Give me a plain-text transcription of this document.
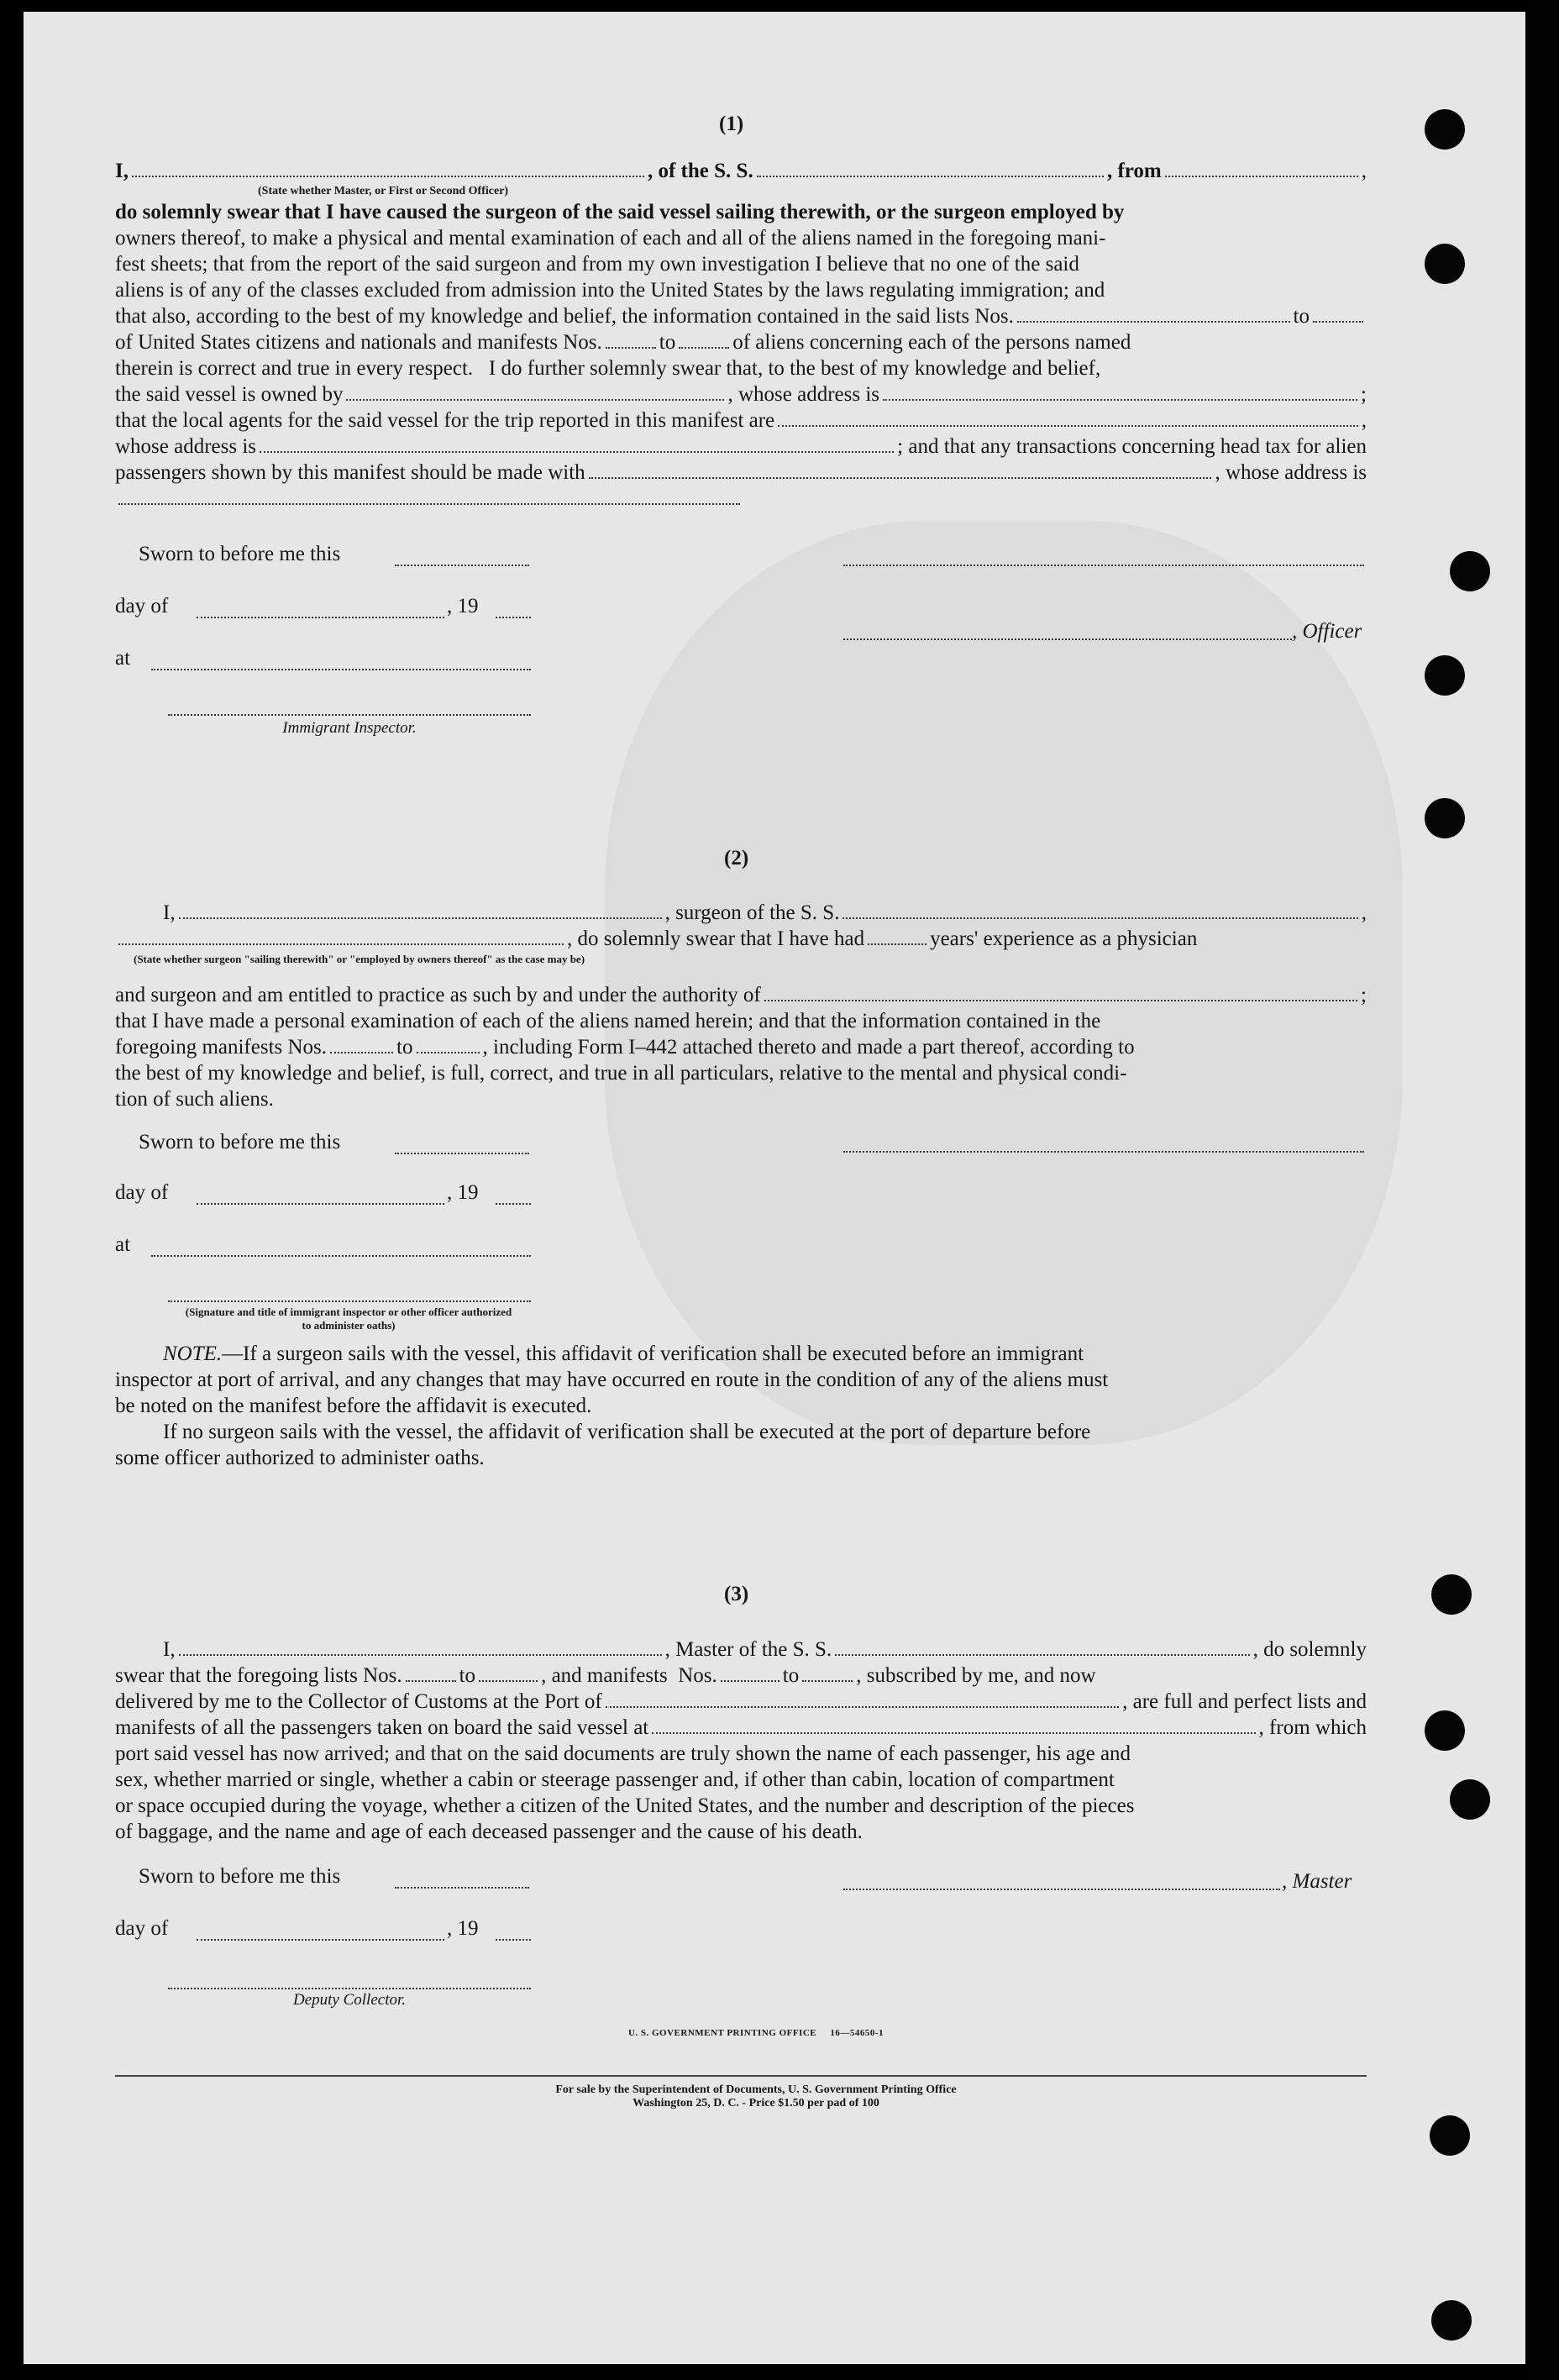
(1)
I,	, of the S. S.	, from	,
(State whether Master, or First or Second Officer)
do solemnly swear that I have caused the surgeon of the said vessel sailing therewith, or the surgeon employed by
owners thereof, to make a physical and mental examination of each and all of the aliens named in the foregoing mani-
fest sheets; that from the report of the said surgeon and from my own investigation I believe that no one of the said
aliens is of any of the classes excluded from admission into the United States by the laws regulating immigration; and
that also, according to the best of my knowledge and belief, the information contained in the said lists Nos.	to
of United States citizens and nationals and manifests Nos.	to	of aliens concerning each of the persons named
therein is correct and true in every respect.   I do further solemnly swear that, to the best of my knowledge and belief,
the said vessel is owned by	, whose address is	;
that the local agents for the said vessel for the trip reported in this manifest are	,
whose address is	; and that any transactions concerning head tax for alien
passengers shown by this manifest should be made with	, whose address is
Sworn to before me this
day of	, 19
at
Immigrant Inspector.
, Officer
(2)
I,	, surgeon of the S. S.	,
, do solemnly swear that I have had	years' experience as a physician
(State whether surgeon "sailing therewith" or "employed by owners thereof" as the case may be)
and surgeon and am entitled to practice as such by and under the authority of	;
that I have made a personal examination of each of the aliens named herein; and that the information contained in the
foregoing manifests Nos.	to	, including Form I–442 attached thereto and made a part thereof, according to
the best of my knowledge and belief, is full, correct, and true in all particulars, relative to the mental and physical condi-
tion of such aliens.
Sworn to before me this
day of	, 19
at
(Signature and title of immigrant inspector or other officer authorized to administer oaths)
NOTE.—If a surgeon sails with the vessel, this affidavit of verification shall be executed before an immigrant
inspector at port of arrival, and any changes that may have occurred en route in the condition of any of the aliens must
be noted on the manifest before the affidavit is executed.
If no surgeon sails with the vessel, the affidavit of verification shall be executed at the port of departure before
some officer authorized to administer oaths.
(3)
I,	, Master of the S. S.	, do solemnly
swear that the foregoing lists Nos.	to	, and manifests  Nos.	to	, subscribed by me, and now
delivered by me to the Collector of Customs at the Port of	, are full and perfect lists and
manifests of all the passengers taken on board the said vessel at	, from which
port said vessel has now arrived; and that on the said documents are truly shown the name of each passenger, his age and
sex, whether married or single, whether a cabin or steerage passenger and, if other than cabin, location of compartment
or space occupied during the voyage, whether a citizen of the United States, and the number and description of the pieces
of baggage, and the name and age of each deceased passenger and the cause of his death.
Sworn to before me this
day of	, 19
Deputy Collector.
, Master
U. S. GOVERNMENT PRINTING OFFICE     16—54650-1
For sale by the Superintendent of Documents, U. S. Government Printing Office
Washington 25, D. C. - Price $1.50 per pad of 100
